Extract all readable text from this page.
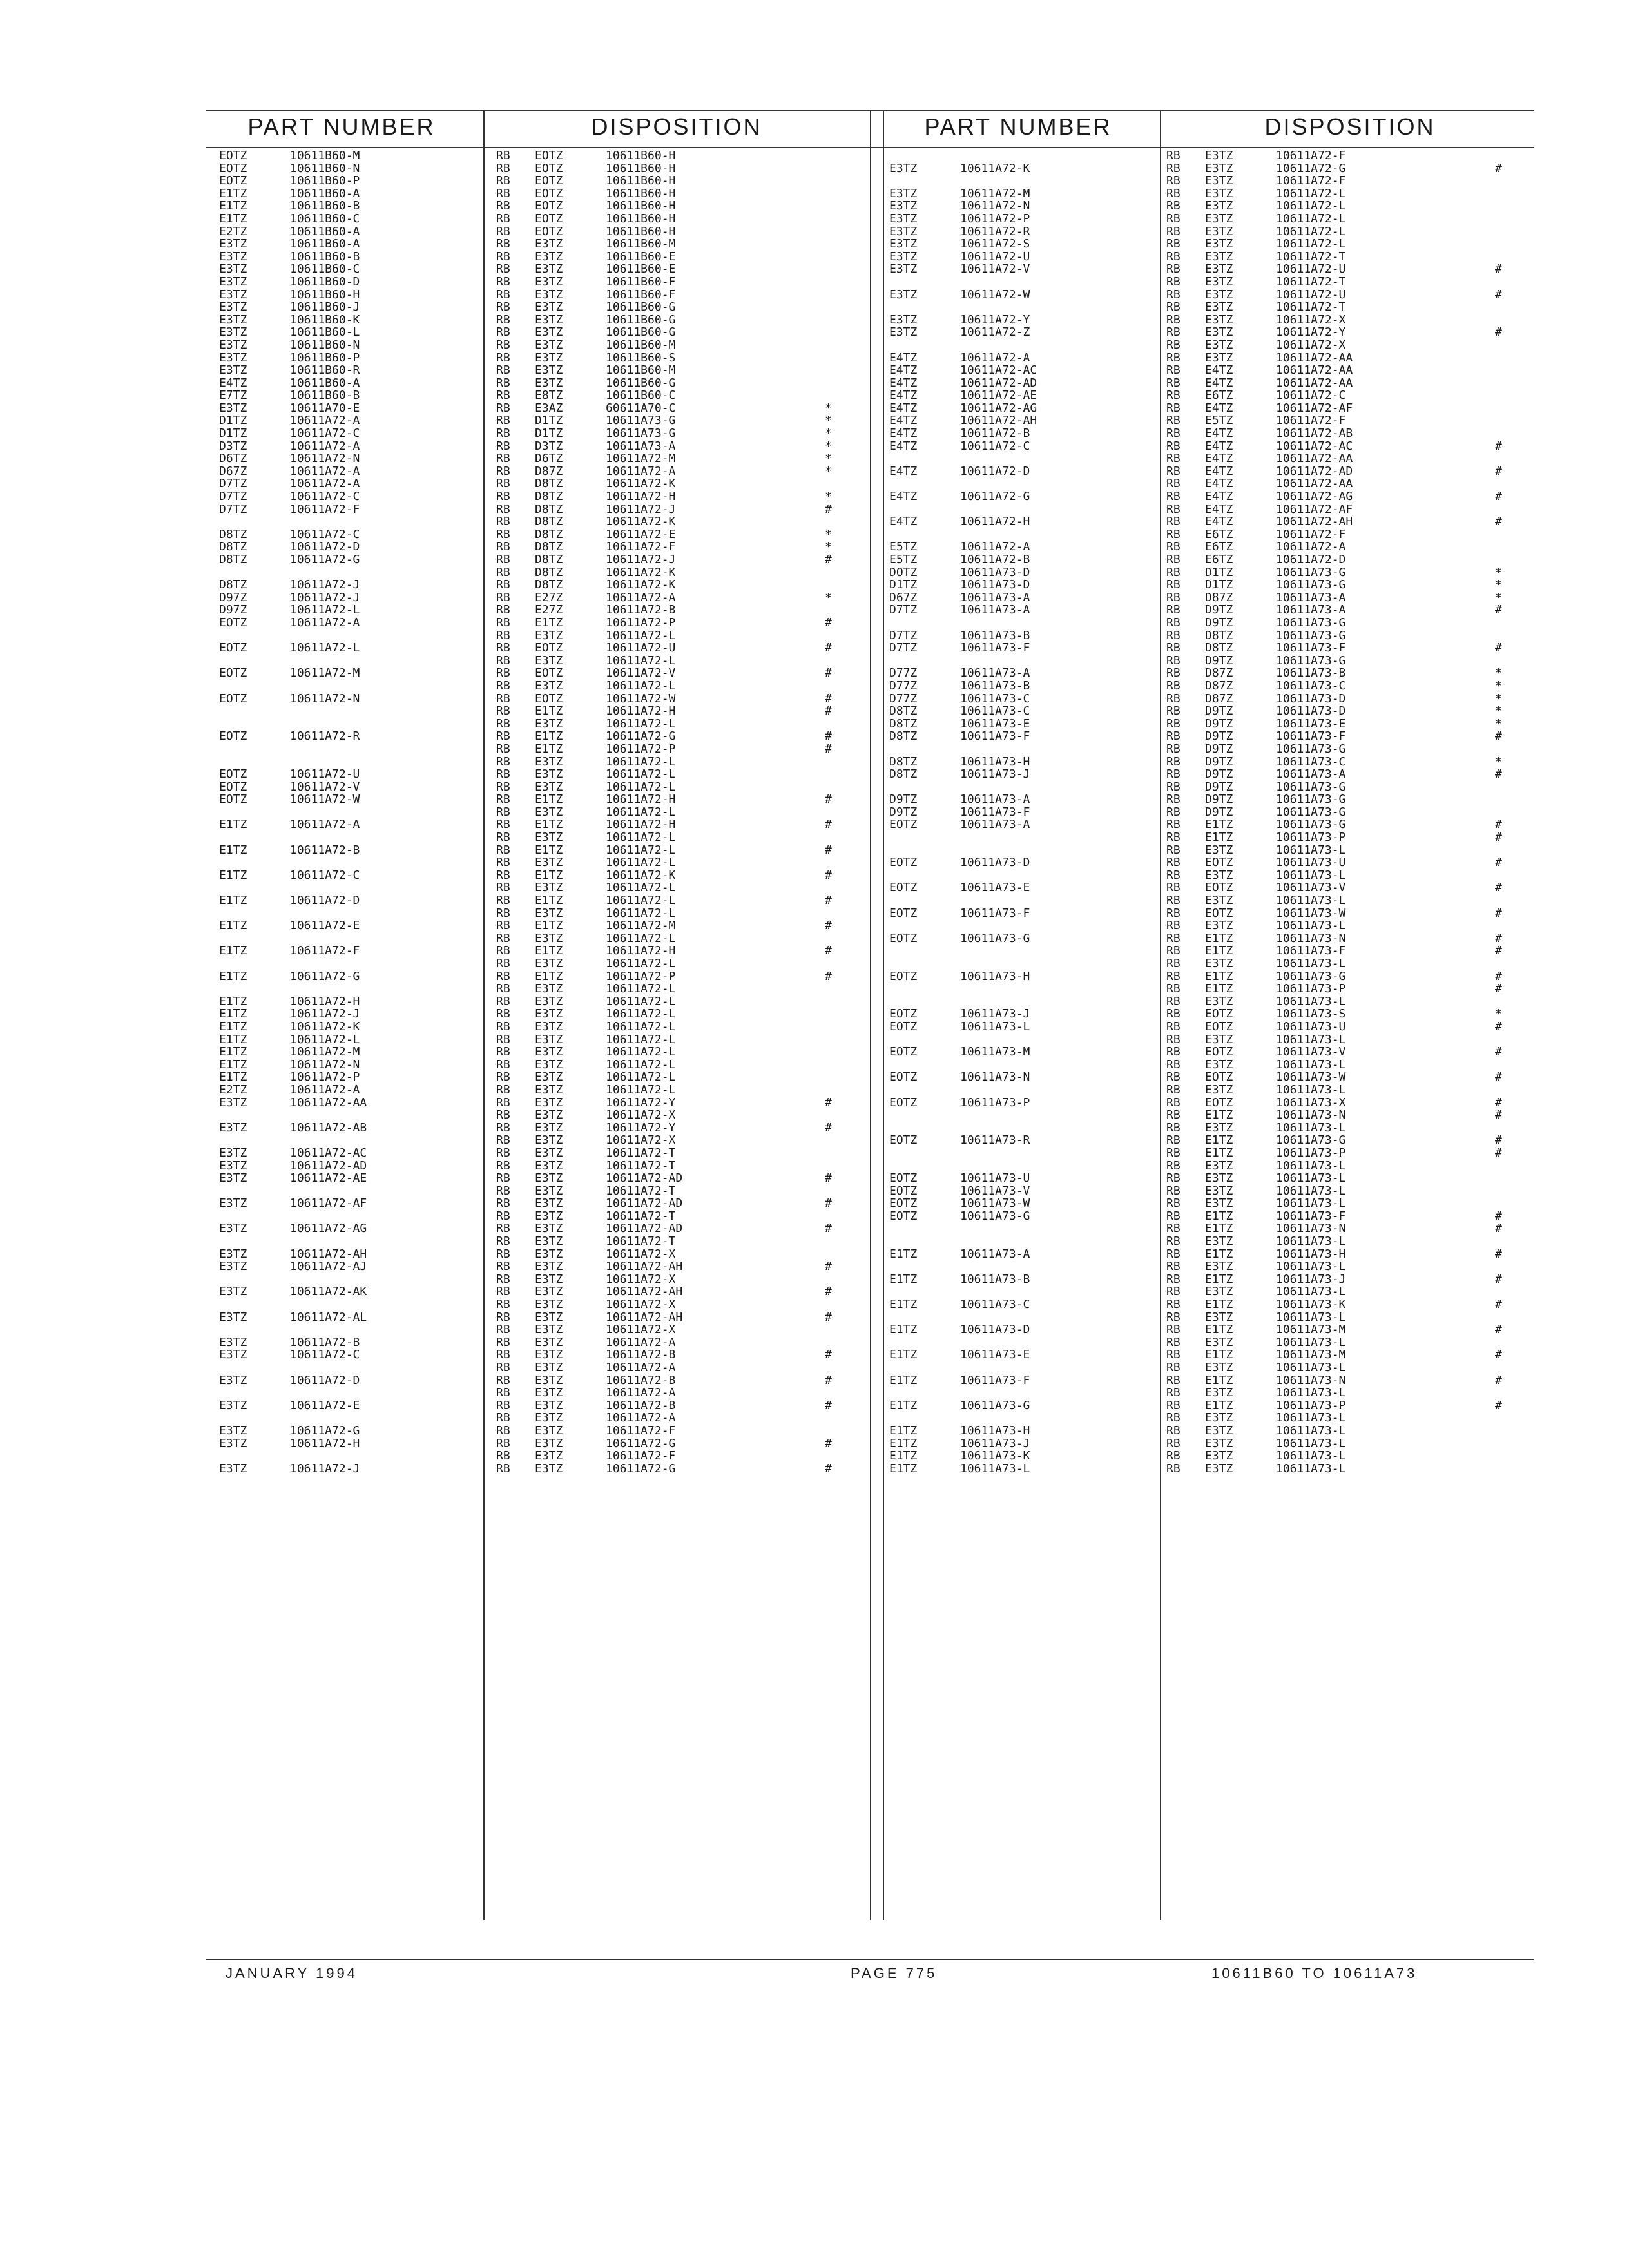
PART NUMBER	DISPOSITION	PART NUMBER	DISPOSITION
EOTZ	10611B60-M	RB EOTZ	10611B60-H
EOTZ	10611B60-N	RB EOTZ	10611B60-H
EOTZ	10611B60-P	RB EOTZ	10611B60-H
E1TZ	10611B60-A	RB EOTZ	10611B60-H
E1TZ	10611B60-B	RB EOTZ	10611B60-H
E1TZ	10611B60-C	RB EOTZ	10611B60-H
E2TZ	10611B60-A	RB EOTZ	10611B60-H
E3TZ	10611B60-A	RB E3TZ	10611B60-M
E3TZ	10611B60-B	RB E3TZ	10611B60-E
E3TZ	10611B60-C	RB E3TZ	10611B60-E
E3TZ	10611B60-D	RB E3TZ	10611B60-F
E3TZ	10611B60-H	RB E3TZ	10611B60-F
E3TZ	10611B60-J	RB E3TZ	10611B60-G
E3TZ	10611B60-K	RB E3TZ	10611B60-G
E3TZ	10611B60-L	RB E3TZ	10611B60-G
E3TZ	10611B60-N	RB E3TZ	10611B60-M
E3TZ	10611B60-P	RB E3TZ	10611B60-S
E3TZ	10611B60-R	RB E3TZ	10611B60-M
E4TZ	10611B60-A	RB E3TZ	10611B60-G
E7TZ	10611B60-B	RB E8TZ	10611B60-C
E3TZ	10611A70-E	RB E3AZ	60611A70-C	*
D1TZ	10611A72-A	RB D1TZ	10611A73-G	*
D1TZ	10611A72-C	RB D1TZ	10611A73-G	*
D3TZ	10611A72-A	RB D3TZ	10611A73-A	*
D6TZ	10611A72-N	RB D6TZ	10611A72-M	*
D67Z	10611A72-A	RB D87Z	10611A72-A	*
D7TZ	10611A72-A	RB D8TZ	10611A72-K
D7TZ	10611A72-C	RB D8TZ	10611A72-H	*
D7TZ	10611A72-F	RB D8TZ	10611A72-J	#
RB D8TZ	10611A72-K
D8TZ	10611A72-C	RB D8TZ	10611A72-E	*
D8TZ	10611A72-D	RB D8TZ	10611A72-F	*
D8TZ	10611A72-G	RB D8TZ	10611A72-J	#
RB D8TZ	10611A72-K
D8TZ	10611A72-J	RB D8TZ	10611A72-K
D97Z	10611A72-J	RB E27Z	10611A72-A	*
D97Z	10611A72-L	RB E27Z	10611A72-B
EOTZ	10611A72-A	RB E1TZ	10611A72-P	#
RB E3TZ	10611A72-L
EOTZ	10611A72-L	RB EOTZ	10611A72-U	#
RB E3TZ	10611A72-L
EOTZ	10611A72-M	RB EOTZ	10611A72-V	#
RB E3TZ	10611A72-L
EOTZ	10611A72-N	RB EOTZ	10611A72-W	#
RB E1TZ	10611A72-H	#
RB E3TZ	10611A72-L
EOTZ	10611A72-R	RB E1TZ	10611A72-G	#
RB E1TZ	10611A72-P	#
RB E3TZ	10611A72-L
EOTZ	10611A72-U	RB E3TZ	10611A72-L
EOTZ	10611A72-V	RB E3TZ	10611A72-L
EOTZ	10611A72-W	RB E1TZ	10611A72-H	#
RB E3TZ	10611A72-L
E1TZ	10611A72-A	RB E1TZ	10611A72-H	#
RB E3TZ	10611A72-L
E1TZ	10611A72-B	RB E1TZ	10611A72-L	#
RB E3TZ	10611A72-L
E1TZ	10611A72-C	RB E1TZ	10611A72-K	#
RB E3TZ	10611A72-L
E1TZ	10611A72-D	RB E1TZ	10611A72-L	#
RB E3TZ	10611A72-L
E1TZ	10611A72-E	RB E1TZ	10611A72-M	#
RB E3TZ	10611A72-L
E1TZ	10611A72-F	RB E1TZ	10611A72-H	#
RB E3TZ	10611A72-L
E1TZ	10611A72-G	RB E1TZ	10611A72-P	#
RB E3TZ	10611A72-L
E1TZ	10611A72-H	RB E3TZ	10611A72-L
E1TZ	10611A72-J	RB E3TZ	10611A72-L
E1TZ	10611A72-K	RB E3TZ	10611A72-L
E1TZ	10611A72-L	RB E3TZ	10611A72-L
E1TZ	10611A72-M	RB E3TZ	10611A72-L
E1TZ	10611A72-N	RB E3TZ	10611A72-L
E1TZ	10611A72-P	RB E3TZ	10611A72-L
E2TZ	10611A72-A	RB E3TZ	10611A72-L
E3TZ	10611A72-AA	RB E3TZ	10611A72-Y	#
RB E3TZ	10611A72-X
E3TZ	10611A72-AB	RB E3TZ	10611A72-Y	#
RB E3TZ	10611A72-X
E3TZ	10611A72-AC	RB E3TZ	10611A72-T
E3TZ	10611A72-AD	RB E3TZ	10611A72-T
E3TZ	10611A72-AE	RB E3TZ	10611A72-AD	#
RB E3TZ	10611A72-T
E3TZ	10611A72-AF	RB E3TZ	10611A72-AD	#
RB E3TZ	10611A72-T
E3TZ	10611A72-AG	RB E3TZ	10611A72-AD	#
RB E3TZ	10611A72-T
E3TZ	10611A72-AH	RB E3TZ	10611A72-X
E3TZ	10611A72-AJ	RB E3TZ	10611A72-AH	#
RB E3TZ	10611A72-X
E3TZ	10611A72-AK	RB E3TZ	10611A72-AH	#
RB E3TZ	10611A72-X
E3TZ	10611A72-AL	RB E3TZ	10611A72-AH	#
RB E3TZ	10611A72-X
E3TZ	10611A72-B	RB E3TZ	10611A72-A
E3TZ	10611A72-C	RB E3TZ	10611A72-B	#
RB E3TZ	10611A72-A
E3TZ	10611A72-D	RB E3TZ	10611A72-B	#
RB E3TZ	10611A72-A
E3TZ	10611A72-E	RB E3TZ	10611A72-B	#
RB E3TZ	10611A72-A
E3TZ	10611A72-G	RB E3TZ	10611A72-F
E3TZ	10611A72-H	RB E3TZ	10611A72-G	#
RB E3TZ	10611A72-F
E3TZ	10611A72-J	RB E3TZ	10611A72-G	#
RB E3TZ	10611A72-F
E3TZ	10611A72-K	RB E3TZ	10611A72-G	#
RB E3TZ	10611A72-F
E3TZ	10611A72-M	RB E3TZ	10611A72-L
E3TZ	10611A72-N	RB E3TZ	10611A72-L
E3TZ	10611A72-P	RB E3TZ	10611A72-L
E3TZ	10611A72-R	RB E3TZ	10611A72-L
E3TZ	10611A72-S	RB E3TZ	10611A72-L
E3TZ	10611A72-U	RB E3TZ	10611A72-T
E3TZ	10611A72-V	RB E3TZ	10611A72-U	#
RB E3TZ	10611A72-T
E3TZ	10611A72-W	RB E3TZ	10611A72-U	#
RB E3TZ	10611A72-T
E3TZ	10611A72-Y	RB E3TZ	10611A72-X
E3TZ	10611A72-Z	RB E3TZ	10611A72-Y	#
RB E3TZ	10611A72-X
E4TZ	10611A72-A	RB E3TZ	10611A72-AA
E4TZ	10611A72-AC	RB E4TZ	10611A72-AA
E4TZ	10611A72-AD	RB E4TZ	10611A72-AA
E4TZ	10611A72-AE	RB E6TZ	10611A72-C
E4TZ	10611A72-AG	RB E4TZ	10611A72-AF
E4TZ	10611A72-AH	RB E5TZ	10611A72-F
E4TZ	10611A72-B	RB E4TZ	10611A72-AB
E4TZ	10611A72-C	RB E4TZ	10611A72-AC	#
RB E4TZ	10611A72-AA
E4TZ	10611A72-D	RB E4TZ	10611A72-AD	#
RB E4TZ	10611A72-AA
E4TZ	10611A72-G	RB E4TZ	10611A72-AG	#
RB E4TZ	10611A72-AF
E4TZ	10611A72-H	RB E4TZ	10611A72-AH	#
RB E6TZ	10611A72-F
E5TZ	10611A72-A	RB E6TZ	10611A72-A
E5TZ	10611A72-B	RB E6TZ	10611A72-D
DOTZ	10611A73-D	RB D1TZ	10611A73-G	*
D1TZ	10611A73-D	RB D1TZ	10611A73-G	*
D67Z	10611A73-A	RB D87Z	10611A73-A	*
D7TZ	10611A73-A	RB D9TZ	10611A73-A	#
RB D9TZ	10611A73-G
D7TZ	10611A73-B	RB D8TZ	10611A73-G
D7TZ	10611A73-F	RB D8TZ	10611A73-F	#
RB D9TZ	10611A73-G
D77Z	10611A73-A	RB D87Z	10611A73-B	*
D77Z	10611A73-B	RB D87Z	10611A73-C	*
D77Z	10611A73-C	RB D87Z	10611A73-D	*
D8TZ	10611A73-C	RB D9TZ	10611A73-D	*
D8TZ	10611A73-E	RB D9TZ	10611A73-E	*
D8TZ	10611A73-F	RB D9TZ	10611A73-F	#
RB D9TZ	10611A73-G
D8TZ	10611A73-H	RB D9TZ	10611A73-C	*
D8TZ	10611A73-J	RB D9TZ	10611A73-A	#
RB D9TZ	10611A73-G
D9TZ	10611A73-A	RB D9TZ	10611A73-G
D9TZ	10611A73-F	RB D9TZ	10611A73-G
EOTZ	10611A73-A	RB E1TZ	10611A73-G	#
RB E1TZ	10611A73-P	#
RB E3TZ	10611A73-L
EOTZ	10611A73-D	RB EOTZ	10611A73-U	#
RB E3TZ	10611A73-L
EOTZ	10611A73-E	RB EOTZ	10611A73-V	#
RB E3TZ	10611A73-L
EOTZ	10611A73-F	RB EOTZ	10611A73-W	#
RB E3TZ	10611A73-L
EOTZ	10611A73-G	RB E1TZ	10611A73-N	#
RB E1TZ	10611A73-F	#
RB E3TZ	10611A73-L
EOTZ	10611A73-H	RB E1TZ	10611A73-G	#
RB E1TZ	10611A73-P	#
RB E3TZ	10611A73-L
EOTZ	10611A73-J	RB EOTZ	10611A73-S	*
EOTZ	10611A73-L	RB EOTZ	10611A73-U	#
RB E3TZ	10611A73-L
EOTZ	10611A73-M	RB EOTZ	10611A73-V	#
RB E3TZ	10611A73-L
EOTZ	10611A73-N	RB EOTZ	10611A73-W	#
RB E3TZ	10611A73-L
EOTZ	10611A73-P	RB EOTZ	10611A73-X	#
RB E1TZ	10611A73-N	#
RB E3TZ	10611A73-L
EOTZ	10611A73-R	RB E1TZ	10611A73-G	#
RB E1TZ	10611A73-P	#
RB E3TZ	10611A73-L
EOTZ	10611A73-U	RB E3TZ	10611A73-L
EOTZ	10611A73-V	RB E3TZ	10611A73-L
EOTZ	10611A73-W	RB E3TZ	10611A73-L
EOTZ	10611A73-G	RB E1TZ	10611A73-F	#
RB E1TZ	10611A73-N	#
RB E3TZ	10611A73-L
E1TZ	10611A73-A	RB E1TZ	10611A73-H	#
RB E3TZ	10611A73-L
E1TZ	10611A73-B	RB E1TZ	10611A73-J	#
RB E3TZ	10611A73-L
E1TZ	10611A73-C	RB E1TZ	10611A73-K	#
RB E3TZ	10611A73-L
E1TZ	10611A73-D	RB E1TZ	10611A73-M	#
RB E3TZ	10611A73-L
E1TZ	10611A73-E	RB E1TZ	10611A73-M	#
RB E3TZ	10611A73-L
E1TZ	10611A73-F	RB E1TZ	10611A73-N	#
RB E3TZ	10611A73-L
E1TZ	10611A73-G	RB E1TZ	10611A73-P	#
RB E3TZ	10611A73-L
E1TZ	10611A73-H	RB E3TZ	10611A73-L
E1TZ	10611A73-J	RB E3TZ	10611A73-L
E1TZ	10611A73-K	RB E3TZ	10611A73-L
E1TZ	10611A73-L	RB E3TZ	10611A73-L
JANUARY 1994	PAGE 775	10611B60 TO 10611A73
